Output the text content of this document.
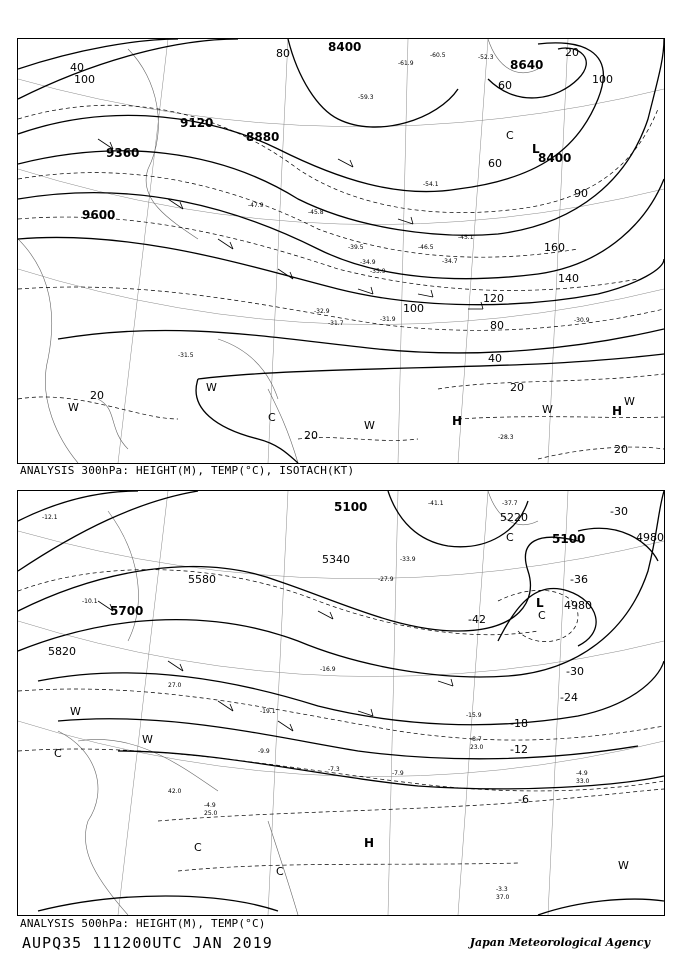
8400
8640
8400
8880
9120
9360
9600
160
140
120
100
80
60
40
20
20
20
20
40
80
60
100	100
20
90
-52.3
-61.9
-60.5
-54.1
-59.3
-47.9
-45.8
-34.9
-35.9
-34.7
-31.9
-31.7
-32.9
-31.5
-30.9
-28.3
-45.1
-46.5
-39.5
L
H
H
W
W
W
W
W
C
C
ANALYSIS 300hPa: HEIGHT(M), TEMP(°C), ISOTACH(KT)
5100
5220
5340
5580
5700
5820
4980
4980
5100
-36
-42
-30
-24
-18
-12
-6
-30
-41.1	-37.7
-27.9
-33.9
-16.9
-19.1
-15.9
-8.7
-7.9	-4.9
-3.3
-12.1
-10.1
-9.9
-4.9
-7.3
37.0
33.0
25.0
23.0
42.0
27.0
L
H
W
W
W
C
C
C
C
C
ANALYSIS 500hPa: HEIGHT(M), TEMP(°C)
AUPQ35 111200UTC JAN 2019	Japan Meteorological Agency
